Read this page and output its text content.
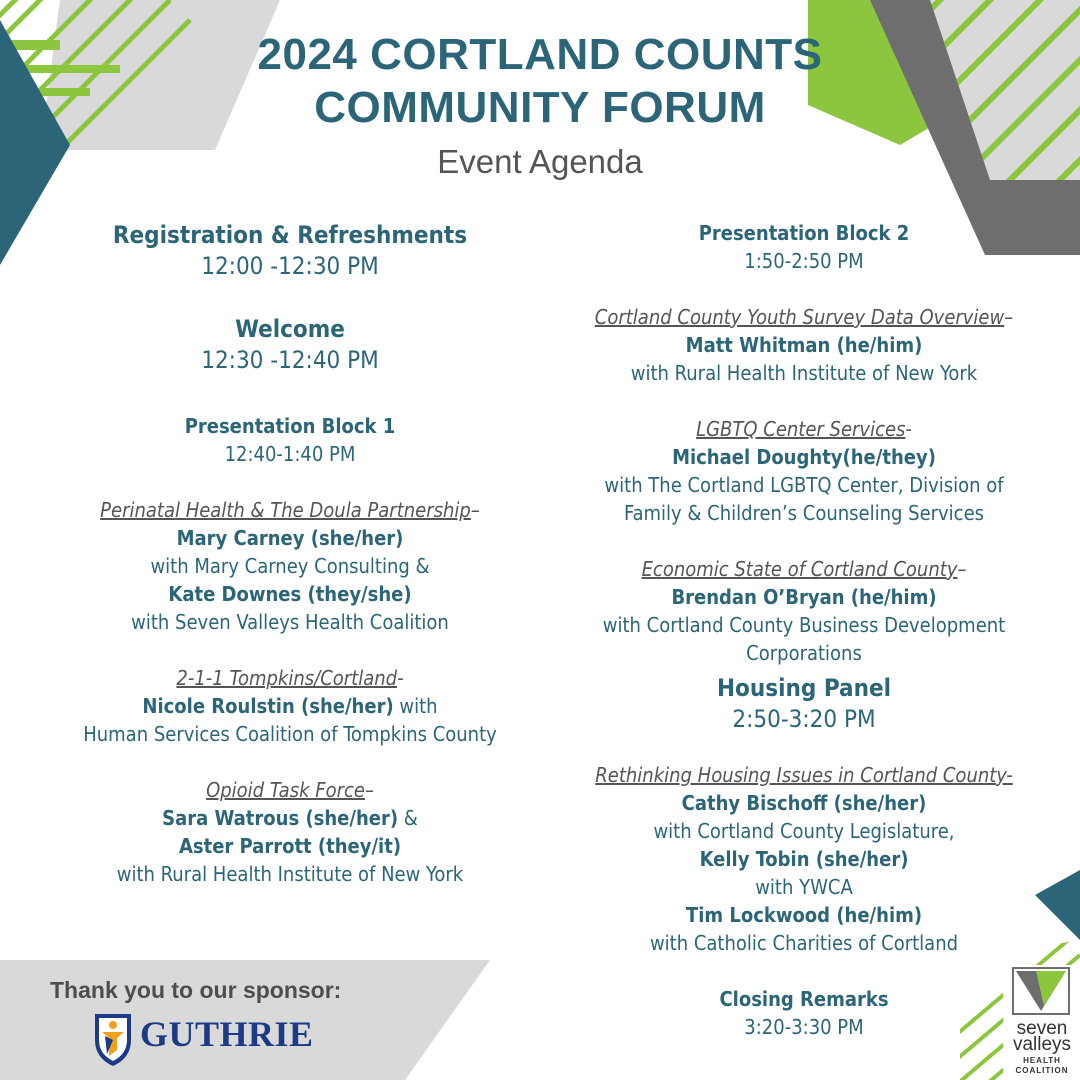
2024 CORTLAND COUNTS
COMMUNITY FORUM
Event Agenda

Registration & Refreshments

12:00 -12:30 PM

Welcome

12:30 -12:40 PM

Presentation Block 1

12:40-1:40 PM

Perinatal Health & The Doula Partnership–

Mary Carney (she/her)

with Mary Carney Consulting &

Kate Downes (they/she)

with Seven Valleys Health Coalition

2-1-1 Tompkins/Cortland-

Nicole Roulstin (she/her) with

Human Services Coalition of Tompkins County

Opioid Task Force–

Sara Watrous (she/her) &

Aster Parrott (they/it)

with Rural Health Institute of New York

Presentation Block 2

1:50-2:50 PM

Cortland County Youth Survey Data Overview–

Matt Whitman (he/him)

with Rural Health Institute of New York

LGBTQ Center Services-

Michael Doughty(he/they)

with The Cortland LGBTQ Center, Division of

Family & Children’s Counseling Services

Economic State of Cortland County–

Brendan O’Bryan (he/him)

with Cortland County Business Development

Corporations

Housing Panel

2:50-3:20 PM

Rethinking Housing Issues in Cortland County-

Cathy Bischoff (she/her)

with Cortland County Legislature,

Kelly Tobin (she/her)

with YWCA

Tim Lockwood (he/him)

with Catholic Charities of Cortland

Closing Remarks

3:20-3:30 PM

Thank you to our sponsor:
GUTHRIE	seven
valleys
HEALTH
COALITION
